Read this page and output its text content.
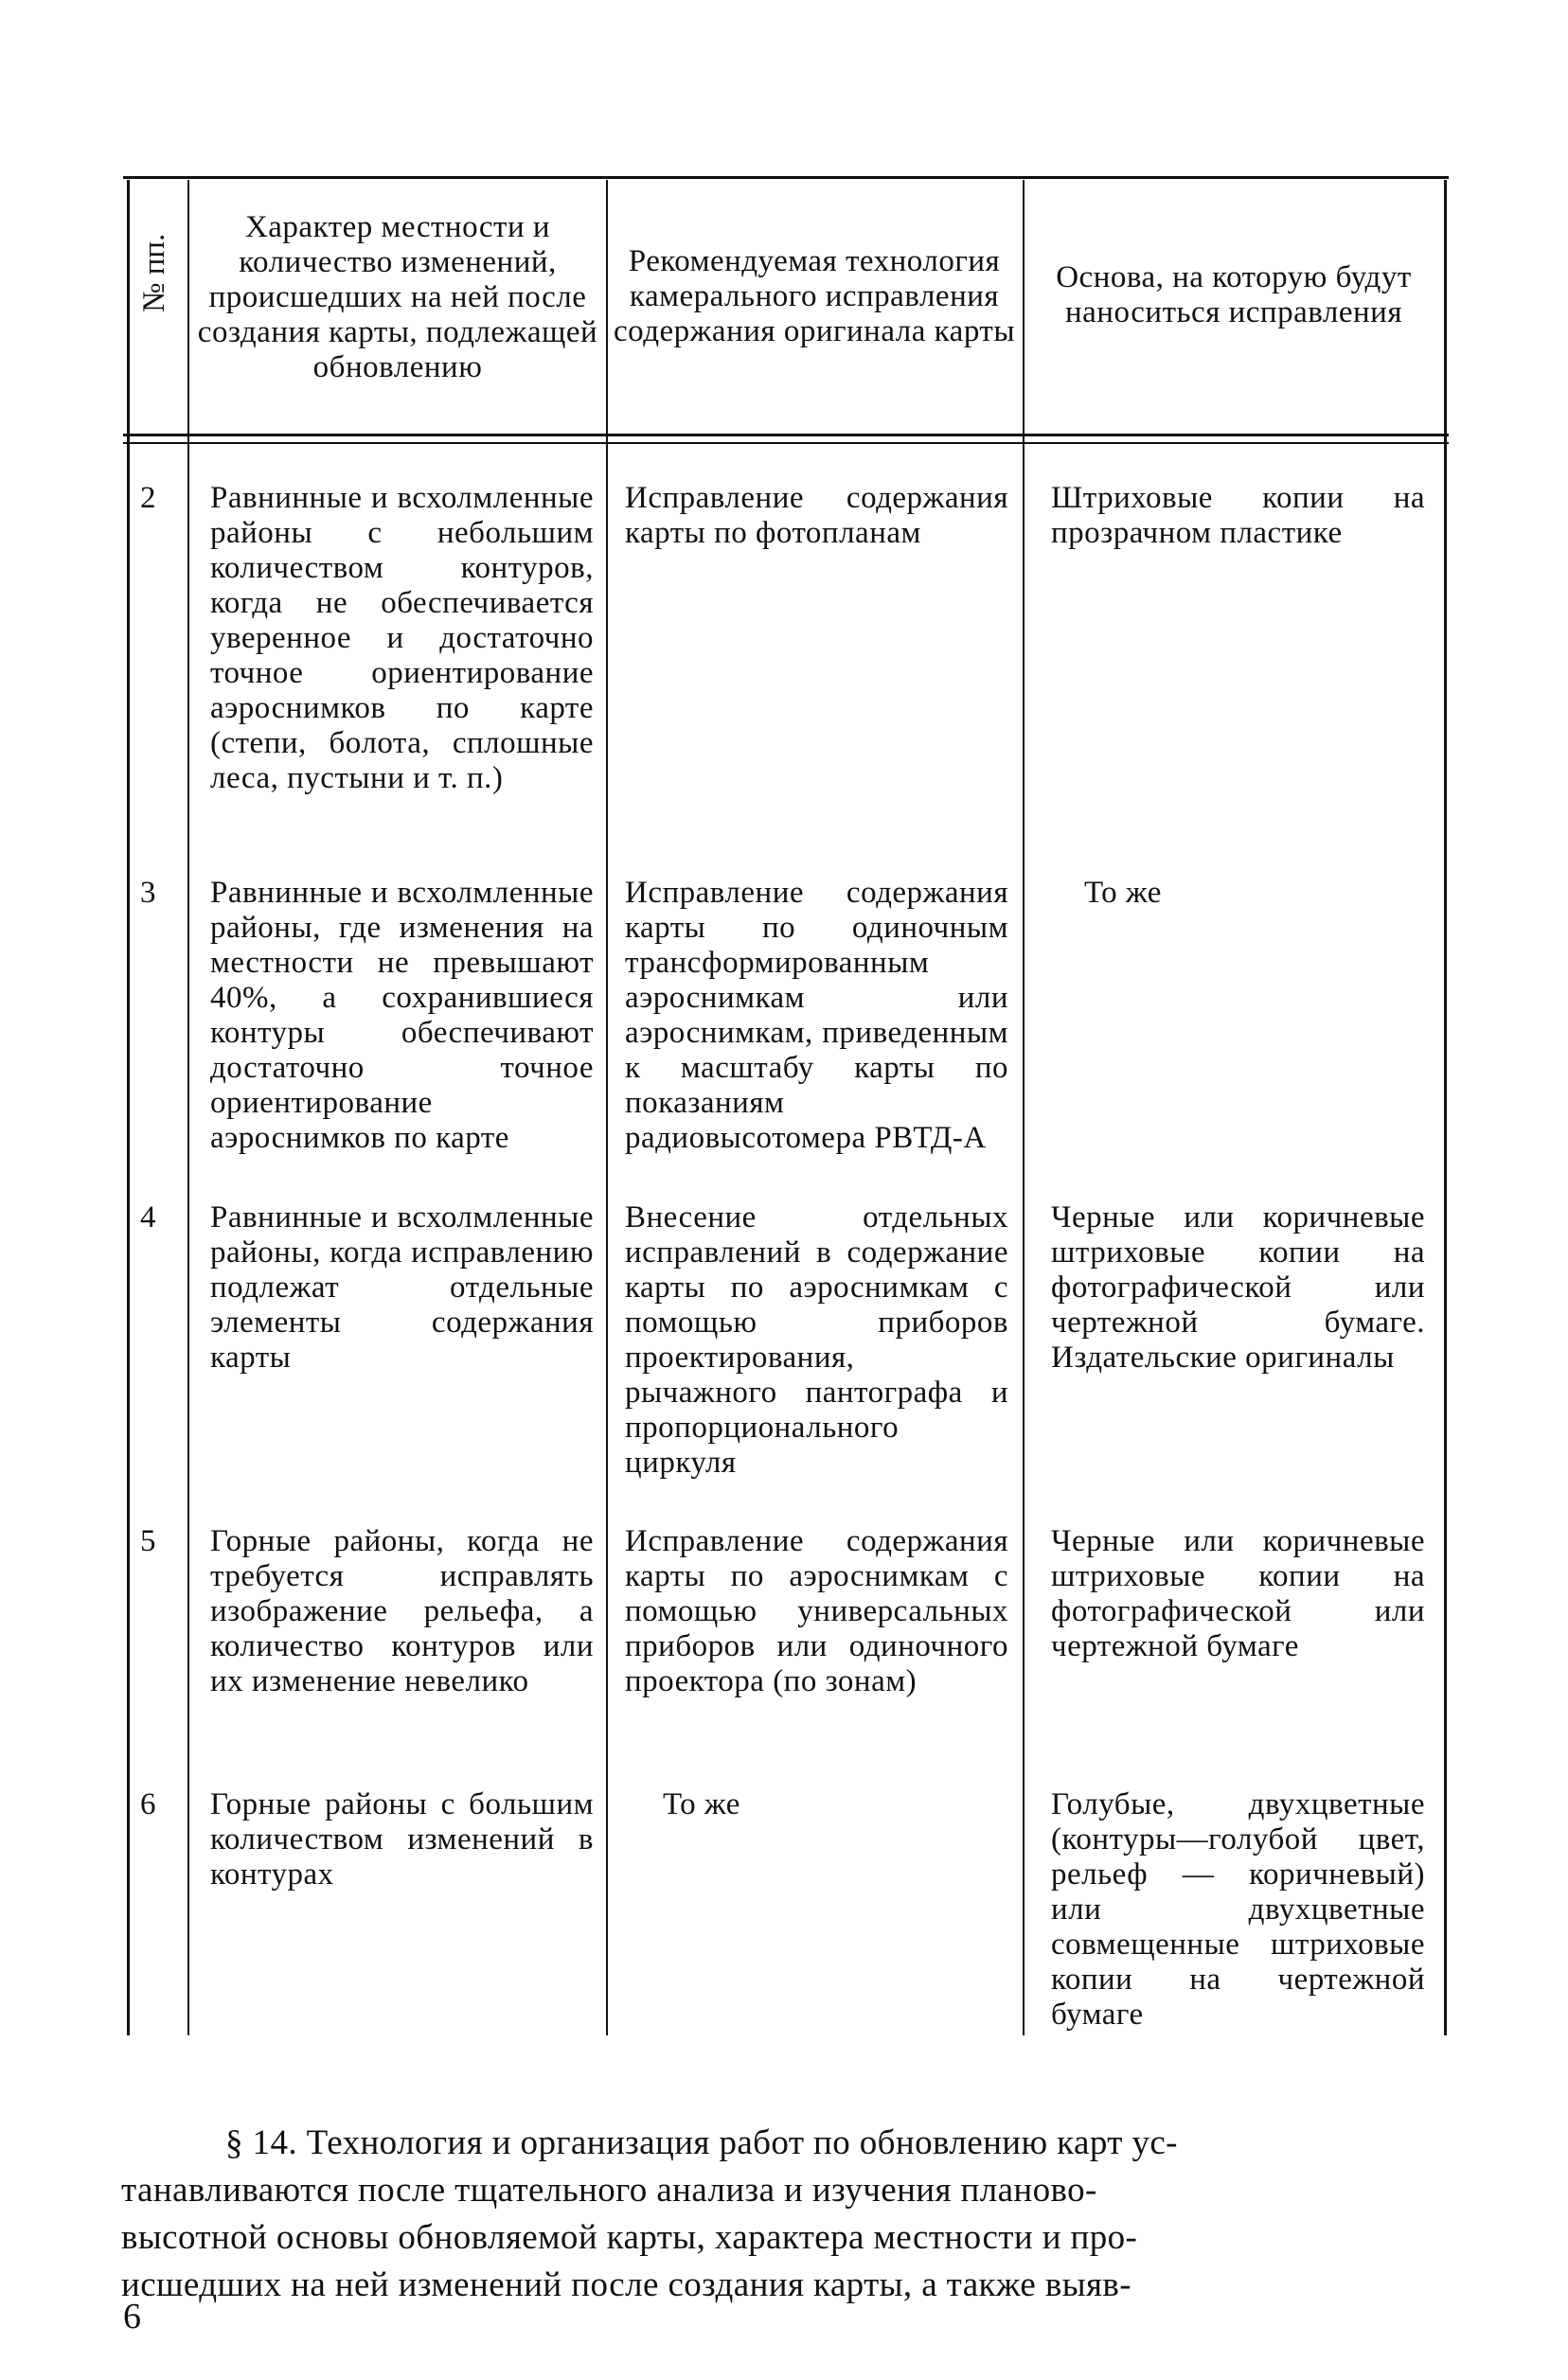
№ пп.
Характер местности и количество изменений, происшедших на ней после создания карты, подлежащей обновлению
Рекомендуемая технология камерального исправления содержания оригинала карты
Основа, на которую будут наноситься исправления
2 Равнинные и всхолмленные районы с небольшим количеством контуров, когда не обеспечивается уверенное и достаточно точное ориентирование аэроснимков по карте (степи, болота, сплошные леса, пустыни и т. п.)
Исправление содержания карты по фотопланам
Штриховые копии на прозрачном пластике
3 Равнинные и всхолмленные районы, где изменения на местности не превышают 40%, а сохранившиеся контуры обеспечивают достаточно точное ориентирование аэроснимков по карте
Исправление содержания карты по одиночным трансформированным аэроснимкам или аэроснимкам, приведенным к масштабу карты по показаниям радиовысотомера РВТД-А
То же
4 Равнинные и всхолмленные районы, когда исправлению подлежат отдельные элементы содержания карты
Внесение отдельных исправлений в содержание карты по аэроснимкам с помощью приборов проектирования, рычажного пантографа и пропорционального циркуля
Черные или коричневые штриховые копии на фотографической или чертежной бумаге. Издательские оригиналы
5 Горные районы, когда не требуется исправлять изображение рельефа, а количество контуров или их изменение невелико
Исправление содержания карты по аэроснимкам с помощью универсальных приборов или одиночного проектора (по зонам)
Черные или коричневые штриховые копии на фотографической или чертежной бумаге
6 Горные районы с большим количеством изменений в контурах
То же	Голубые, двухцветные (контуры—голубой цвет, рельеф — коричневый) или двухцветные совмещенные штриховые копии на чертежной бумаге
§ 14. Технология и организация работ по обновлению карт ус-
танавливаются после тщательного анализа и изучения планово-
высотной основы обновляемой карты, характера местности и про-
исшедших на ней изменений после создания карты, а также выяв-
6
